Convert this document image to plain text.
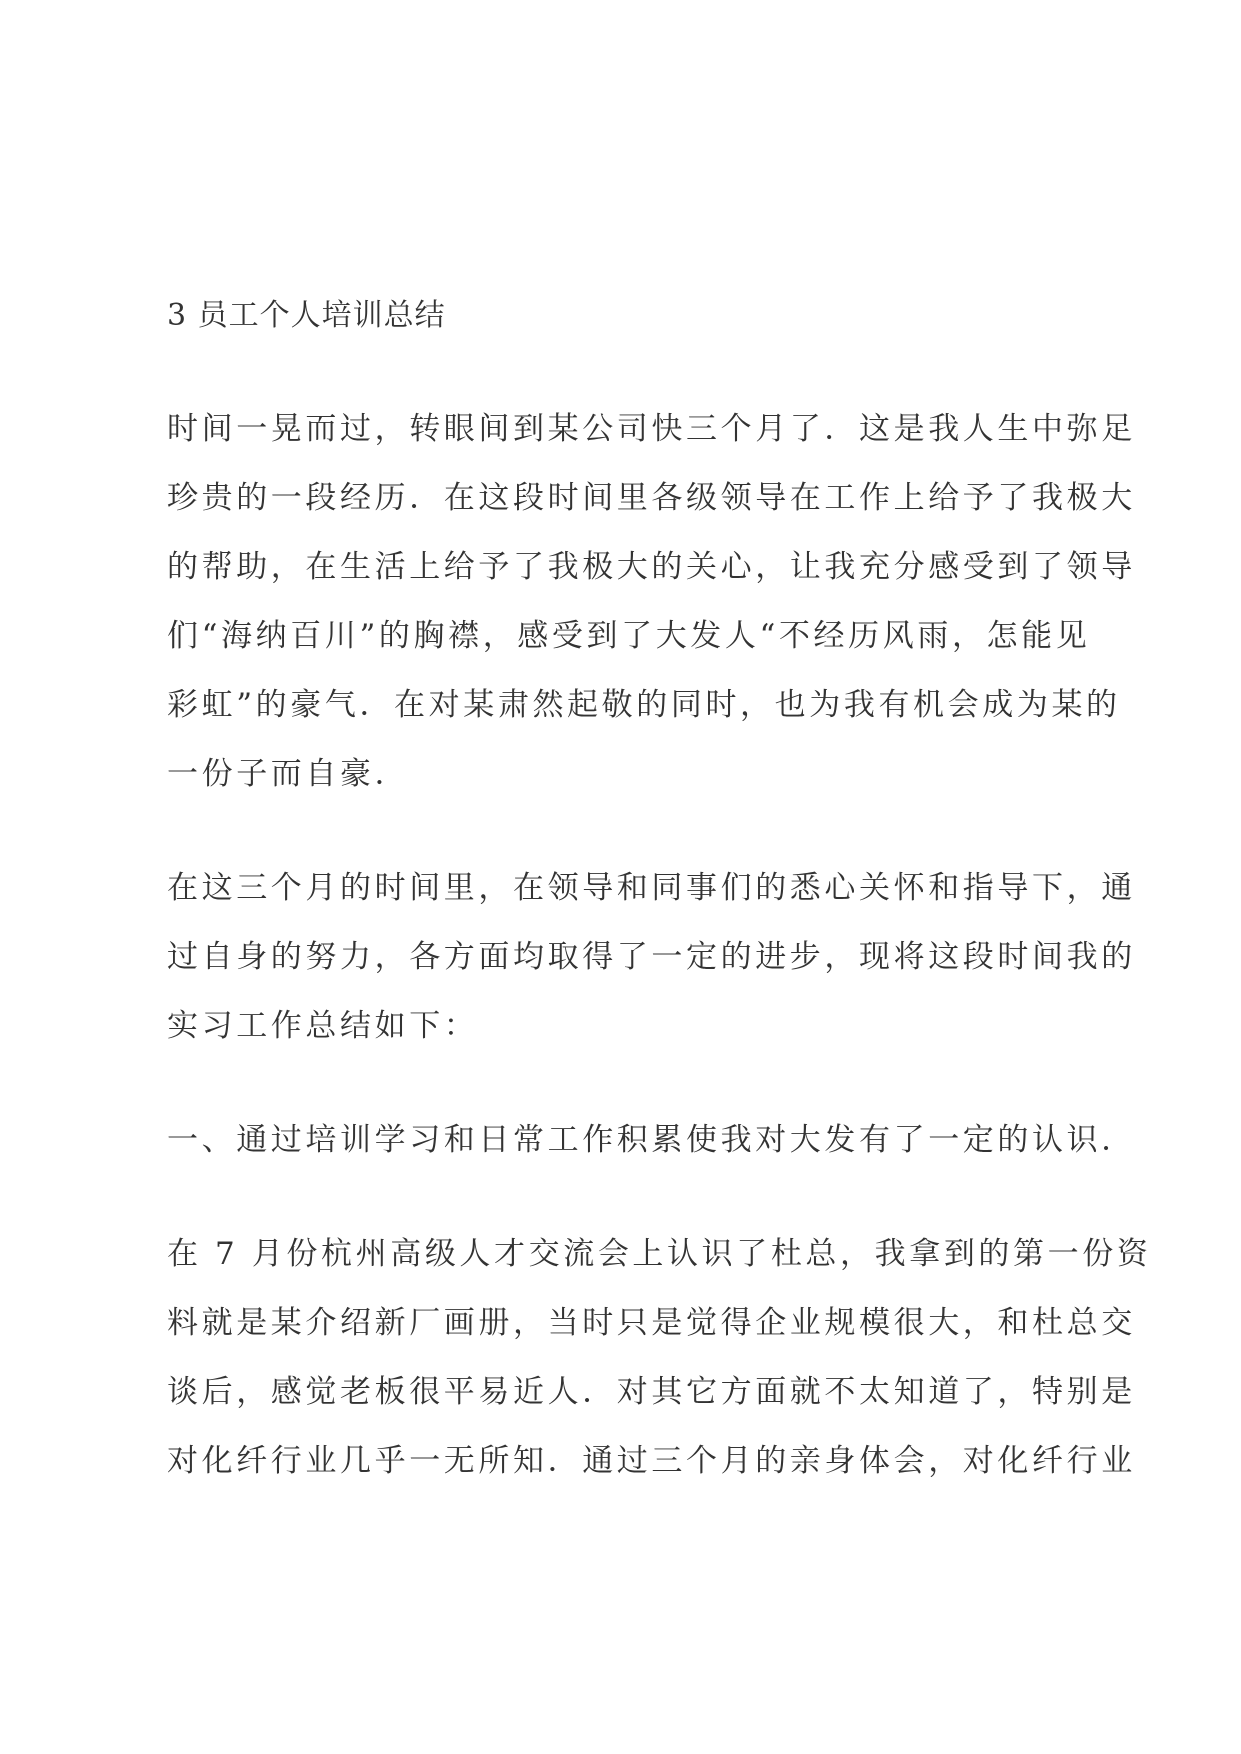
3 员工个人培训总结
时间一晃而过，转眼间到某公司快三个月了．这是我人生中弥足
珍贵的一段经历．在这段时间里各级领导在工作上给予了我极大
的帮助，在生活上给予了我极大的关心，让我充分感受到了领导
们“海纳百川”的胸襟，感受到了大发人“不经历风雨，怎能见
彩虹”的豪气．在对某肃然起敬的同时，也为我有机会成为某的
一份子而自豪．
在这三个月的时间里，在领导和同事们的悉心关怀和指导下，通
过自身的努力，各方面均取得了一定的进步，现将这段时间我的
实习工作总结如下：
一、通过培训学习和日常工作积累使我对大发有了一定的认识．
在 7 月份杭州高级人才交流会上认识了杜总，我拿到的第一份资
料就是某介绍新厂画册，当时只是觉得企业规模很大，和杜总交
谈后，感觉老板很平易近人．对其它方面就不太知道了，特别是
对化纤行业几乎一无所知．通过三个月的亲身体会，对化纤行业
